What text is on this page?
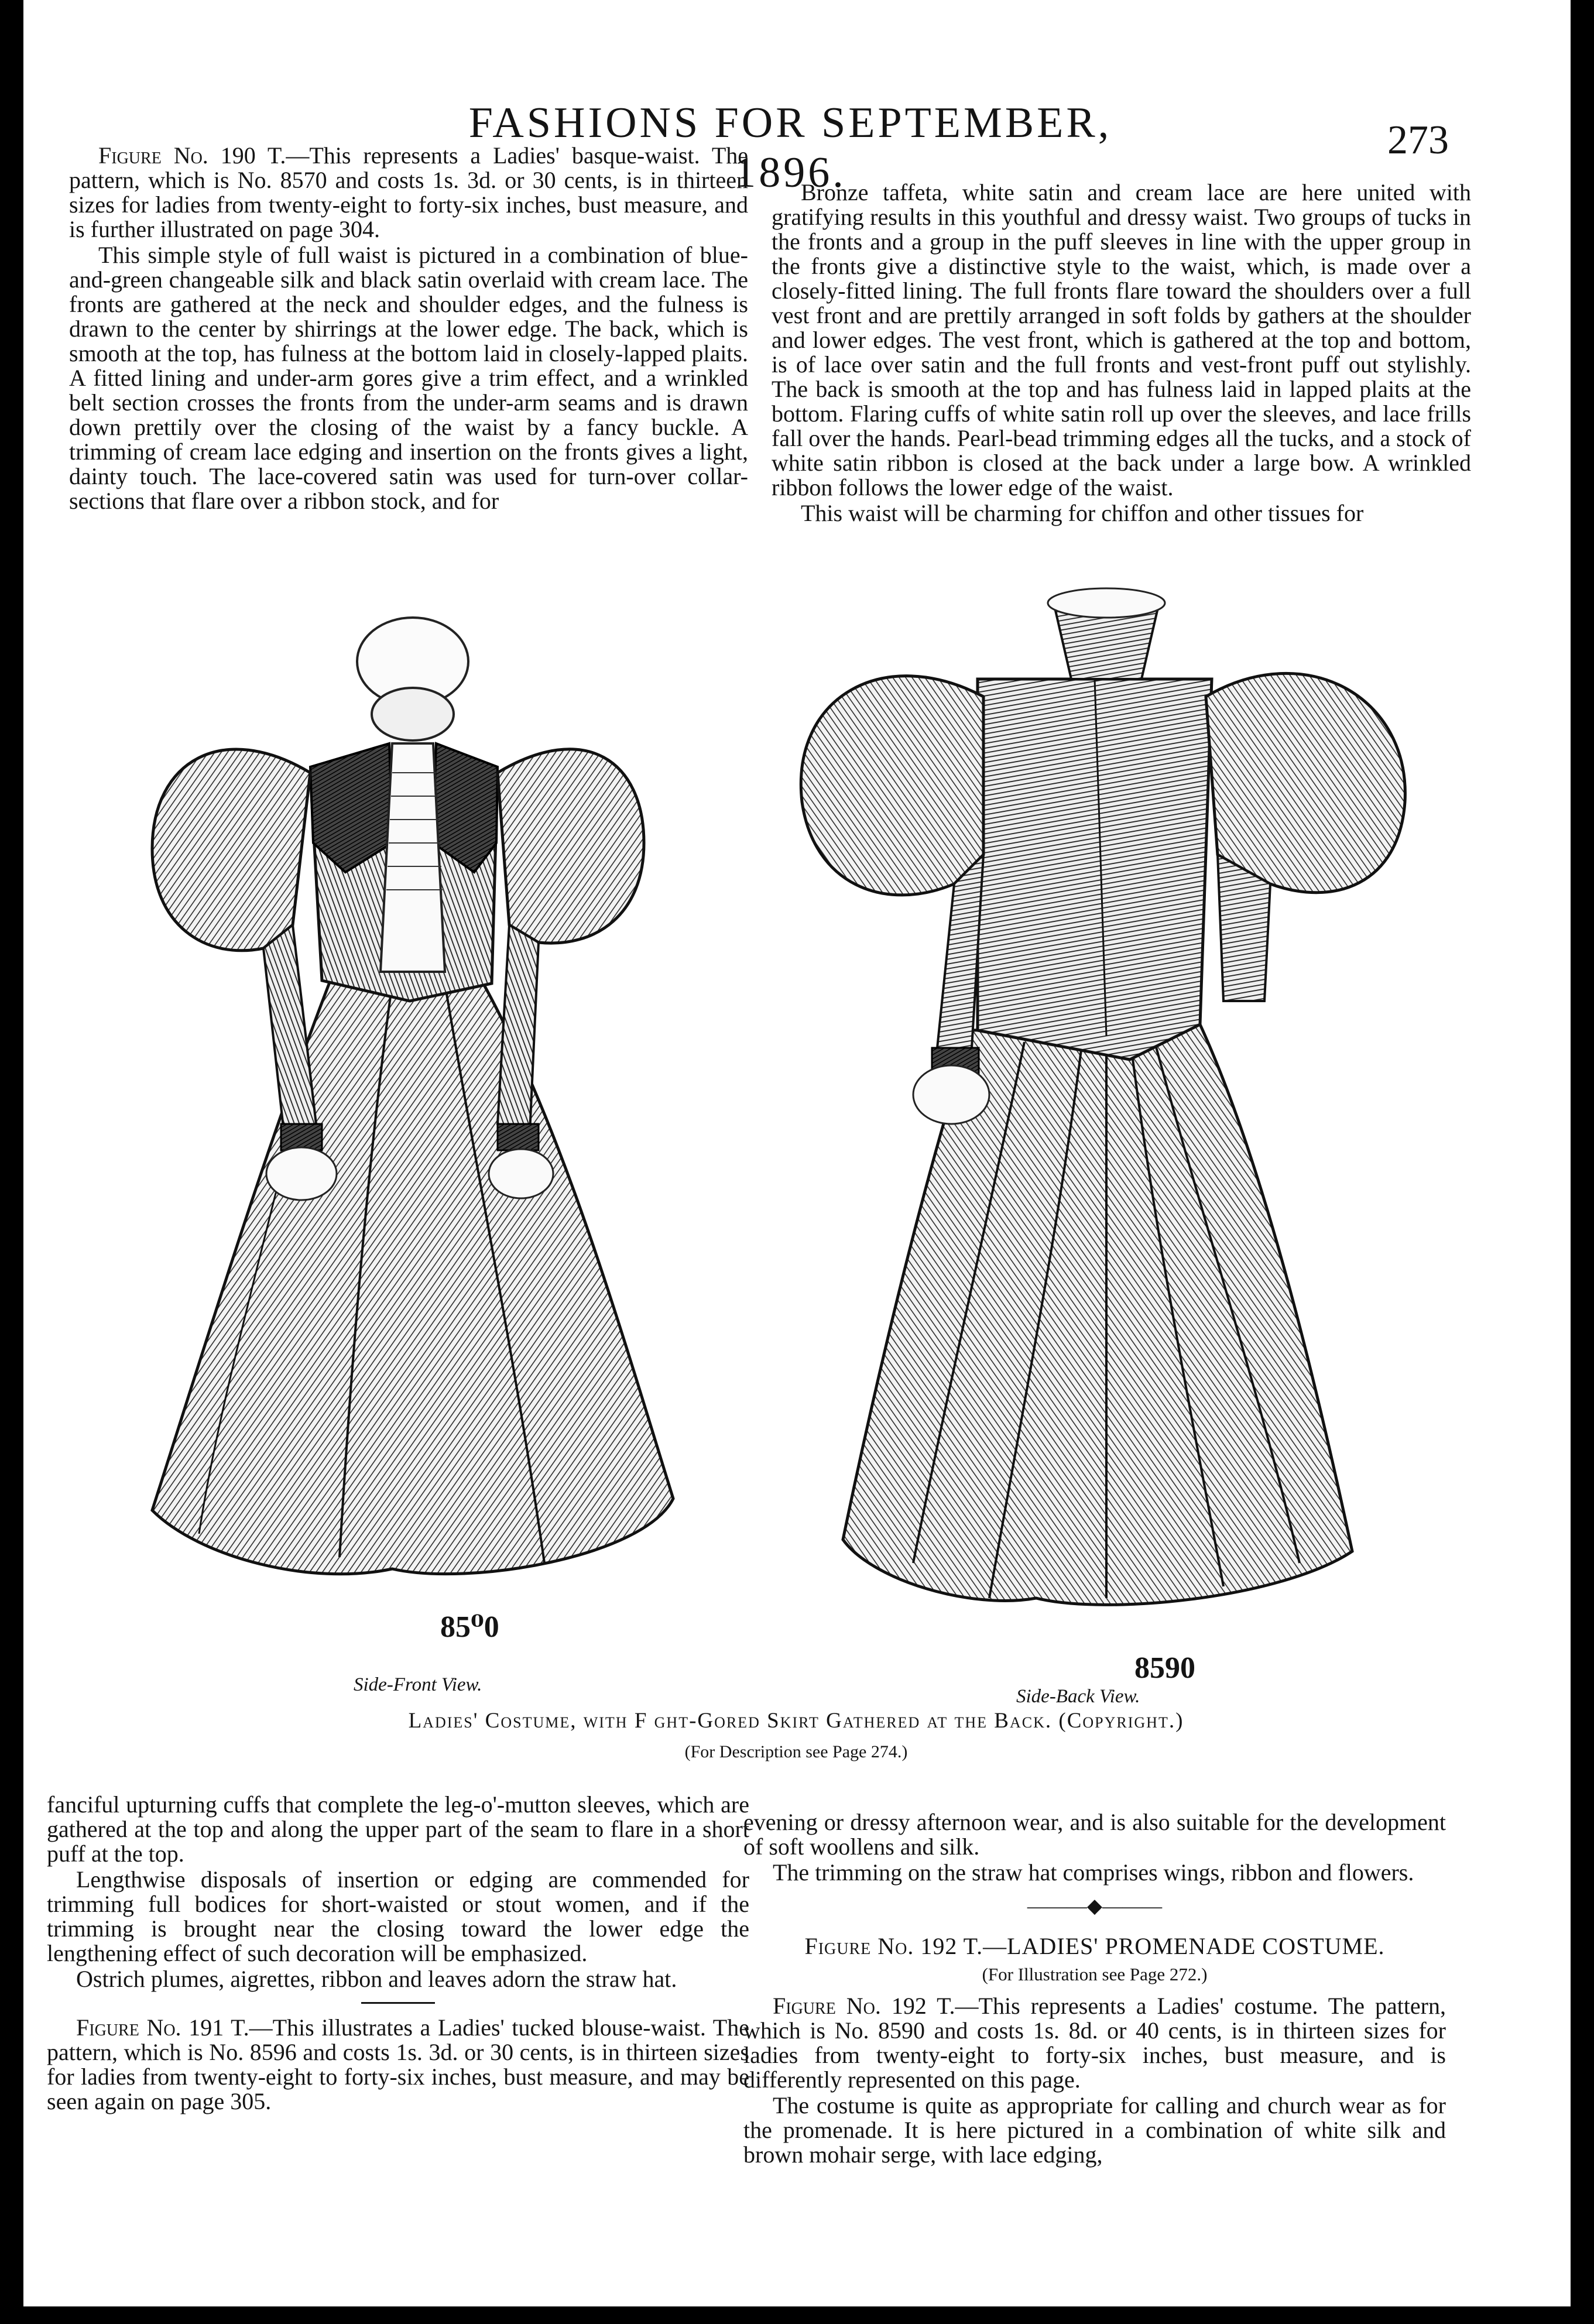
FASHIONS FOR SEPTEMBER, 1896.
273

Figure No. 190 T.—This represents a Ladies' basque-waist. The pattern, which is No. 8570 and costs 1s. 3d. or 30 cents, is in thirteen sizes for ladies from twenty-eight to forty-six inches, bust measure, and is further illustrated on page 304.

This simple style of full waist is pictured in a combination of blue-and-green changeable silk and black satin overlaid with cream lace. The fronts are gathered at the neck and shoulder edges, and the fulness is drawn to the center by shirrings at the lower edge. The back, which is smooth at the top, has fulness at the bottom laid in closely-lapped plaits. A fitted lining and under-arm gores give a trim effect, and a wrinkled belt section crosses the fronts from the under-arm seams and is drawn down prettily over the closing of the waist by a fancy buckle. A trimming of cream lace edging and insertion on the fronts gives a light, dainty touch. The lace-covered satin was used for turn-over collar-sections that flare over a ribbon stock, and for

Bronze taffeta, white satin and cream lace are here united with gratifying results in this youthful and dressy waist. Two groups of tucks in the fronts and a group in the puff sleeves in line with the upper group in the fronts give a distinctive style to the waist, which, is made over a closely-fitted lining. The full fronts flare toward the shoulders over a full vest front and are prettily arranged in soft folds by gathers at the shoulder and lower edges. The vest front, which is gathered at the top and bottom, is of lace over satin and the full fronts and vest-front puff out stylishly. The back is smooth at the top and has fulness laid in lapped plaits at the bottom. Flaring cuffs of white satin roll up over the sleeves, and lace frills fall over the hands. Pearl-bead trimming edges all the tucks, and a stock of white satin ribbon is closed at the back under a large bow. A wrinkled ribbon follows the lower edge of the waist.

This waist will be charming for chiffon and other tissues for

85⁰0
Side-Front View.	8590
Side-Back View.
Ladies' Costume, with F ght-Gored Skirt Gathered at the Back. (Copyright.)
(For Description see Page 274.)

fanciful upturning cuffs that complete the leg-o'-mutton sleeves, which are gathered at the top and along the upper part of the seam to flare in a short puff at the top.

Lengthwise disposals of insertion or edging are commended for trimming full bodices for short-waisted or stout women, and if the trimming is brought near the closing toward the lower edge the lengthening effect of such decoration will be emphasized.

Ostrich plumes, aigrettes, ribbon and leaves adorn the straw hat.

Figure No. 191 T.—This illustrates a Ladies' tucked blouse-waist. The pattern, which is No. 8596 and costs 1s. 3d. or 30 cents, is in thirteen sizes for ladies from twenty-eight to forty-six inches, bust measure, and may be seen again on page 305.

evening or dressy afternoon wear, and is also suitable for the development of soft woollens and silk.

The trimming on the straw hat comprises wings, ribbon and flowers.

———◆———
Figure No. 192 T.—LADIES' PROMENADE COSTUME.
(For Illustration see Page 272.)

Figure No. 192 T.—This represents a Ladies' costume. The pattern, which is No. 8590 and costs 1s. 8d. or 40 cents, is in thirteen sizes for ladies from twenty-eight to forty-six inches, bust measure, and is differently represented on this page.

The costume is quite as appropriate for calling and church wear as for the promenade. It is here pictured in a combination of white silk and brown mohair serge, with lace edging,
